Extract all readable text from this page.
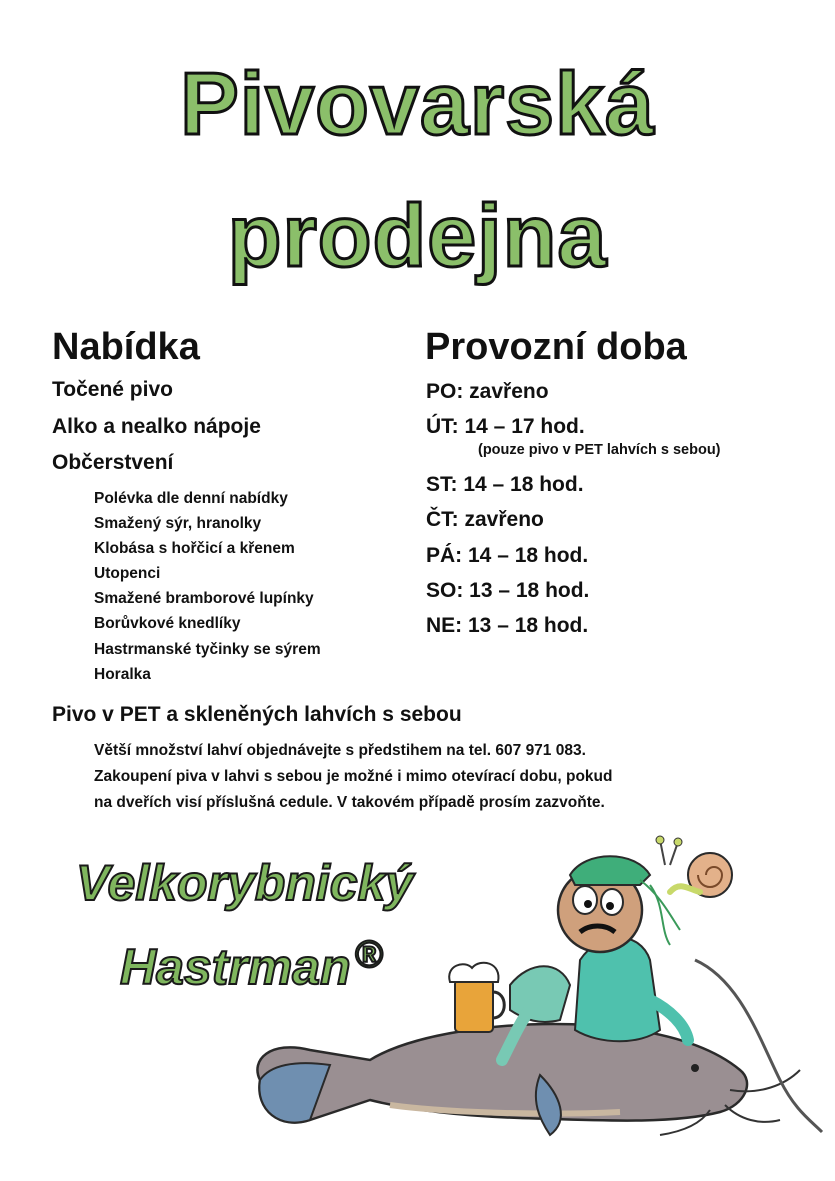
Pivovarská
prodejna
Nabídka
Točené pivo
Alko a nealko nápoje
Občerstvení
Polévka dle denní nabídky
Smažený sýr, hranolky
Klobása s hořčicí a křenem
Utopenci
Smažené bramborové lupínky
Borůvkové knedlíky
Hastrmanské tyčinky se sýrem
Horalka
Provozní doba
PO: zavřeno
ÚT: 14 – 17 hod.
(pouze pivo v PET lahvích s sebou)
ST: 14 – 18 hod.
ČT: zavřeno
PÁ: 14 – 18 hod.
SO: 13 – 18 hod.
NE: 13 – 18 hod.
Pivo v PET a skleněných lahvích s sebou
Větší množství lahví objednávejte s předstihem na tel. 607 971 083.
Zakoupení piva v lahvi s sebou je možné i mimo otevírací dobu, pokud
na dveřích visí příslušná cedule. V takovém případě prosím zazvoňte.
Velkorybnický
Hastrman ®
